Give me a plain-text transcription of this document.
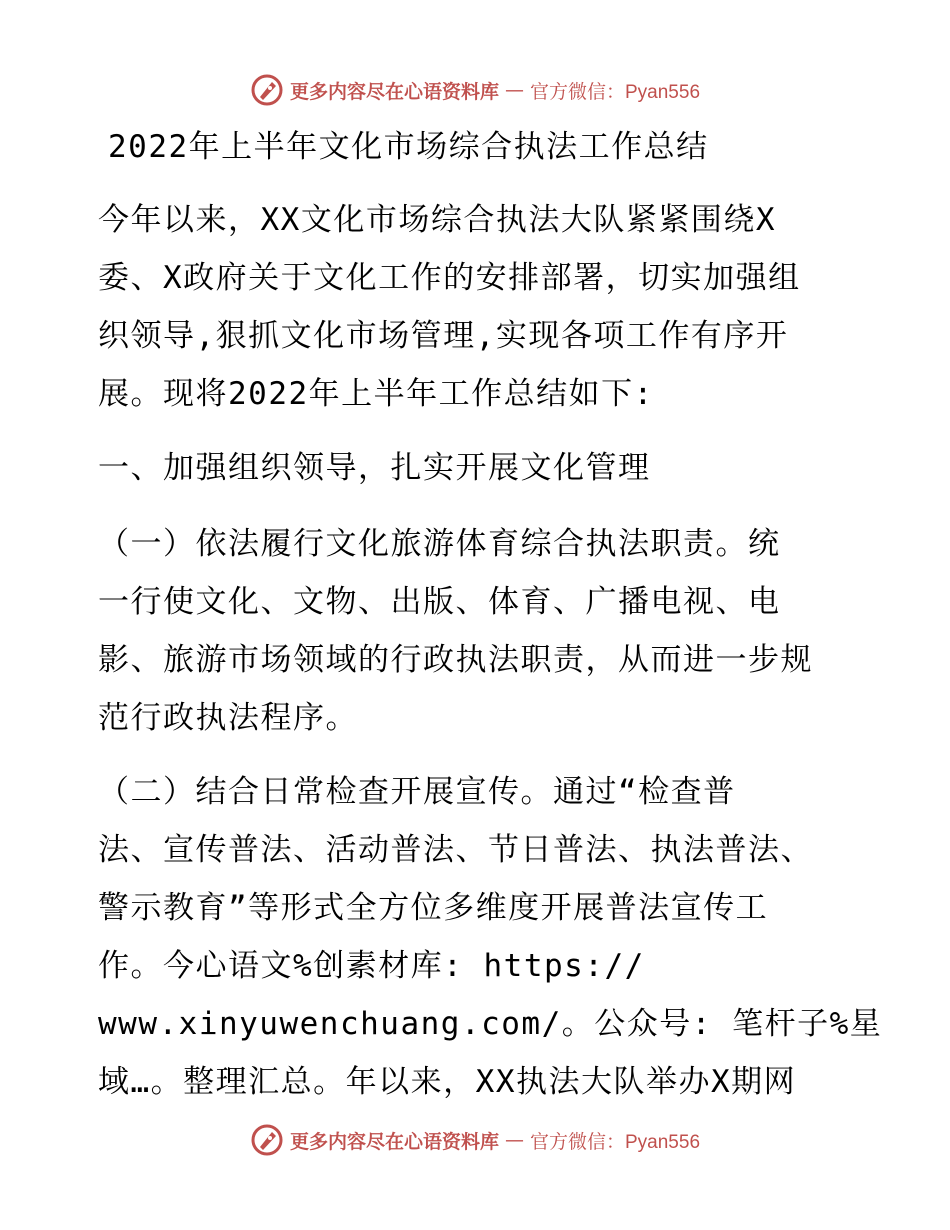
更多内容尽在心语资料库 — 官方微信：Pyan556
2022年上半年文化市场综合执法工作总结
今年以来，XX文化市场综合执法大队紧紧围绕X
委、X政府关于文化工作的安排部署，切实加强组
织领导,狠抓文化市场管理,实现各项工作有序开
展。现将2022年上半年工作总结如下:
一、加强组织领导，扎实开展文化管理
（一）依法履行文化旅游体育综合执法职责。统
一行使文化、文物、出版、体育、广播电视、电
影、旅游市场领域的行政执法职责，从而进一步规
范行政执法程序。
（二）结合日常检查开展宣传。通过“检查普
法、宣传普法、活动普法、节日普法、执法普法、
警示教育”等形式全方位多维度开展普法宣传工
作。今心语文%创素材库: https://
www.xinyuwenchuang.com/。公众号: 笔杆子%星
域…。整理汇总。年以来，XX执法大队举办X期网
更多内容尽在心语资料库 — 官方微信：Pyan556
